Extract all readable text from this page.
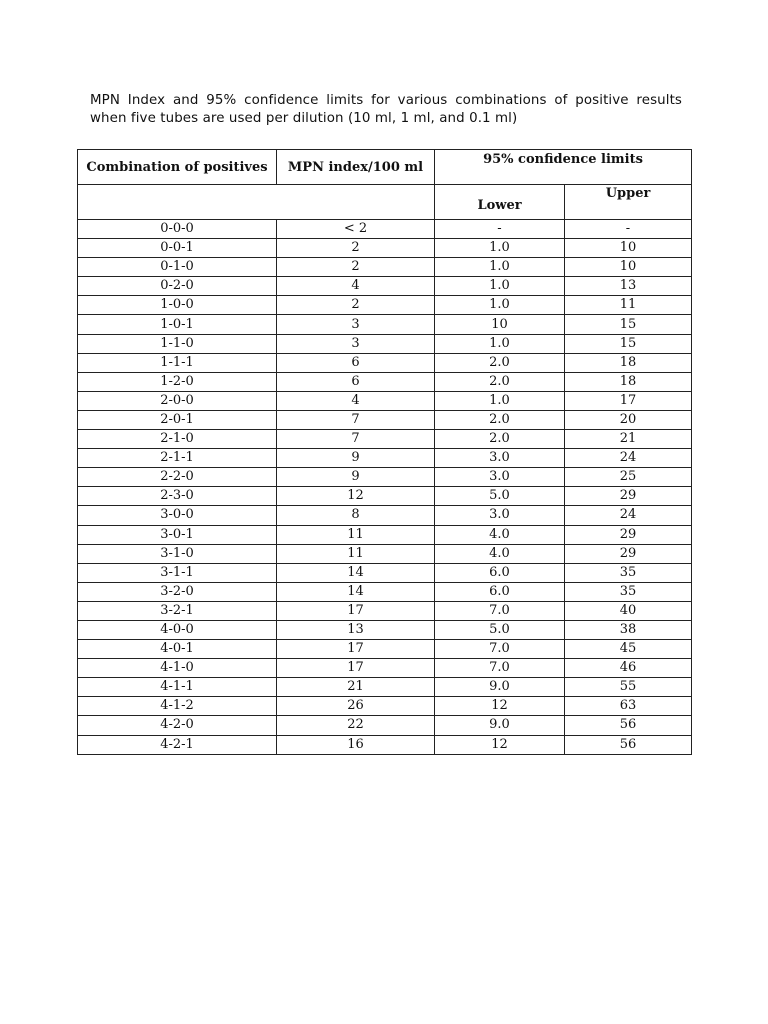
MPN Index and 95% confidence limits for various combinations of positive results when five tubes are used per dilution (10 ml, 1 ml, and 0.1 ml)
Combination of positives	MPN index/100 ml	95% confidence limits	
		Lower	Upper
0-0-0	< 2	-	-
0-0-1	2	1.0	10
0-1-0	2	1.0	10
0-2-0	4	1.0	13
1-0-0	2	1.0	11
1-0-1	3	10	15
1-1-0	3	1.0	15
1-1-1	6	2.0	18
1-2-0	6	2.0	18
2-0-0	4	1.0	17
2-0-1	7	2.0	20
2-1-0	7	2.0	21
2-1-1	9	3.0	24
2-2-0	9	3.0	25
2-3-0	12	5.0	29
3-0-0	8	3.0	24
3-0-1	11	4.0	29
3-1-0	11	4.0	29
3-1-1	14	6.0	35
3-2-0	14	6.0	35
3-2-1	17	7.0	40
4-0-0	13	5.0	38
4-0-1	17	7.0	45
4-1-0	17	7.0	46
4-1-1	21	9.0	55
4-1-2	26	12	63
4-2-0	22	9.0	56
4-2-1	16	12	56
